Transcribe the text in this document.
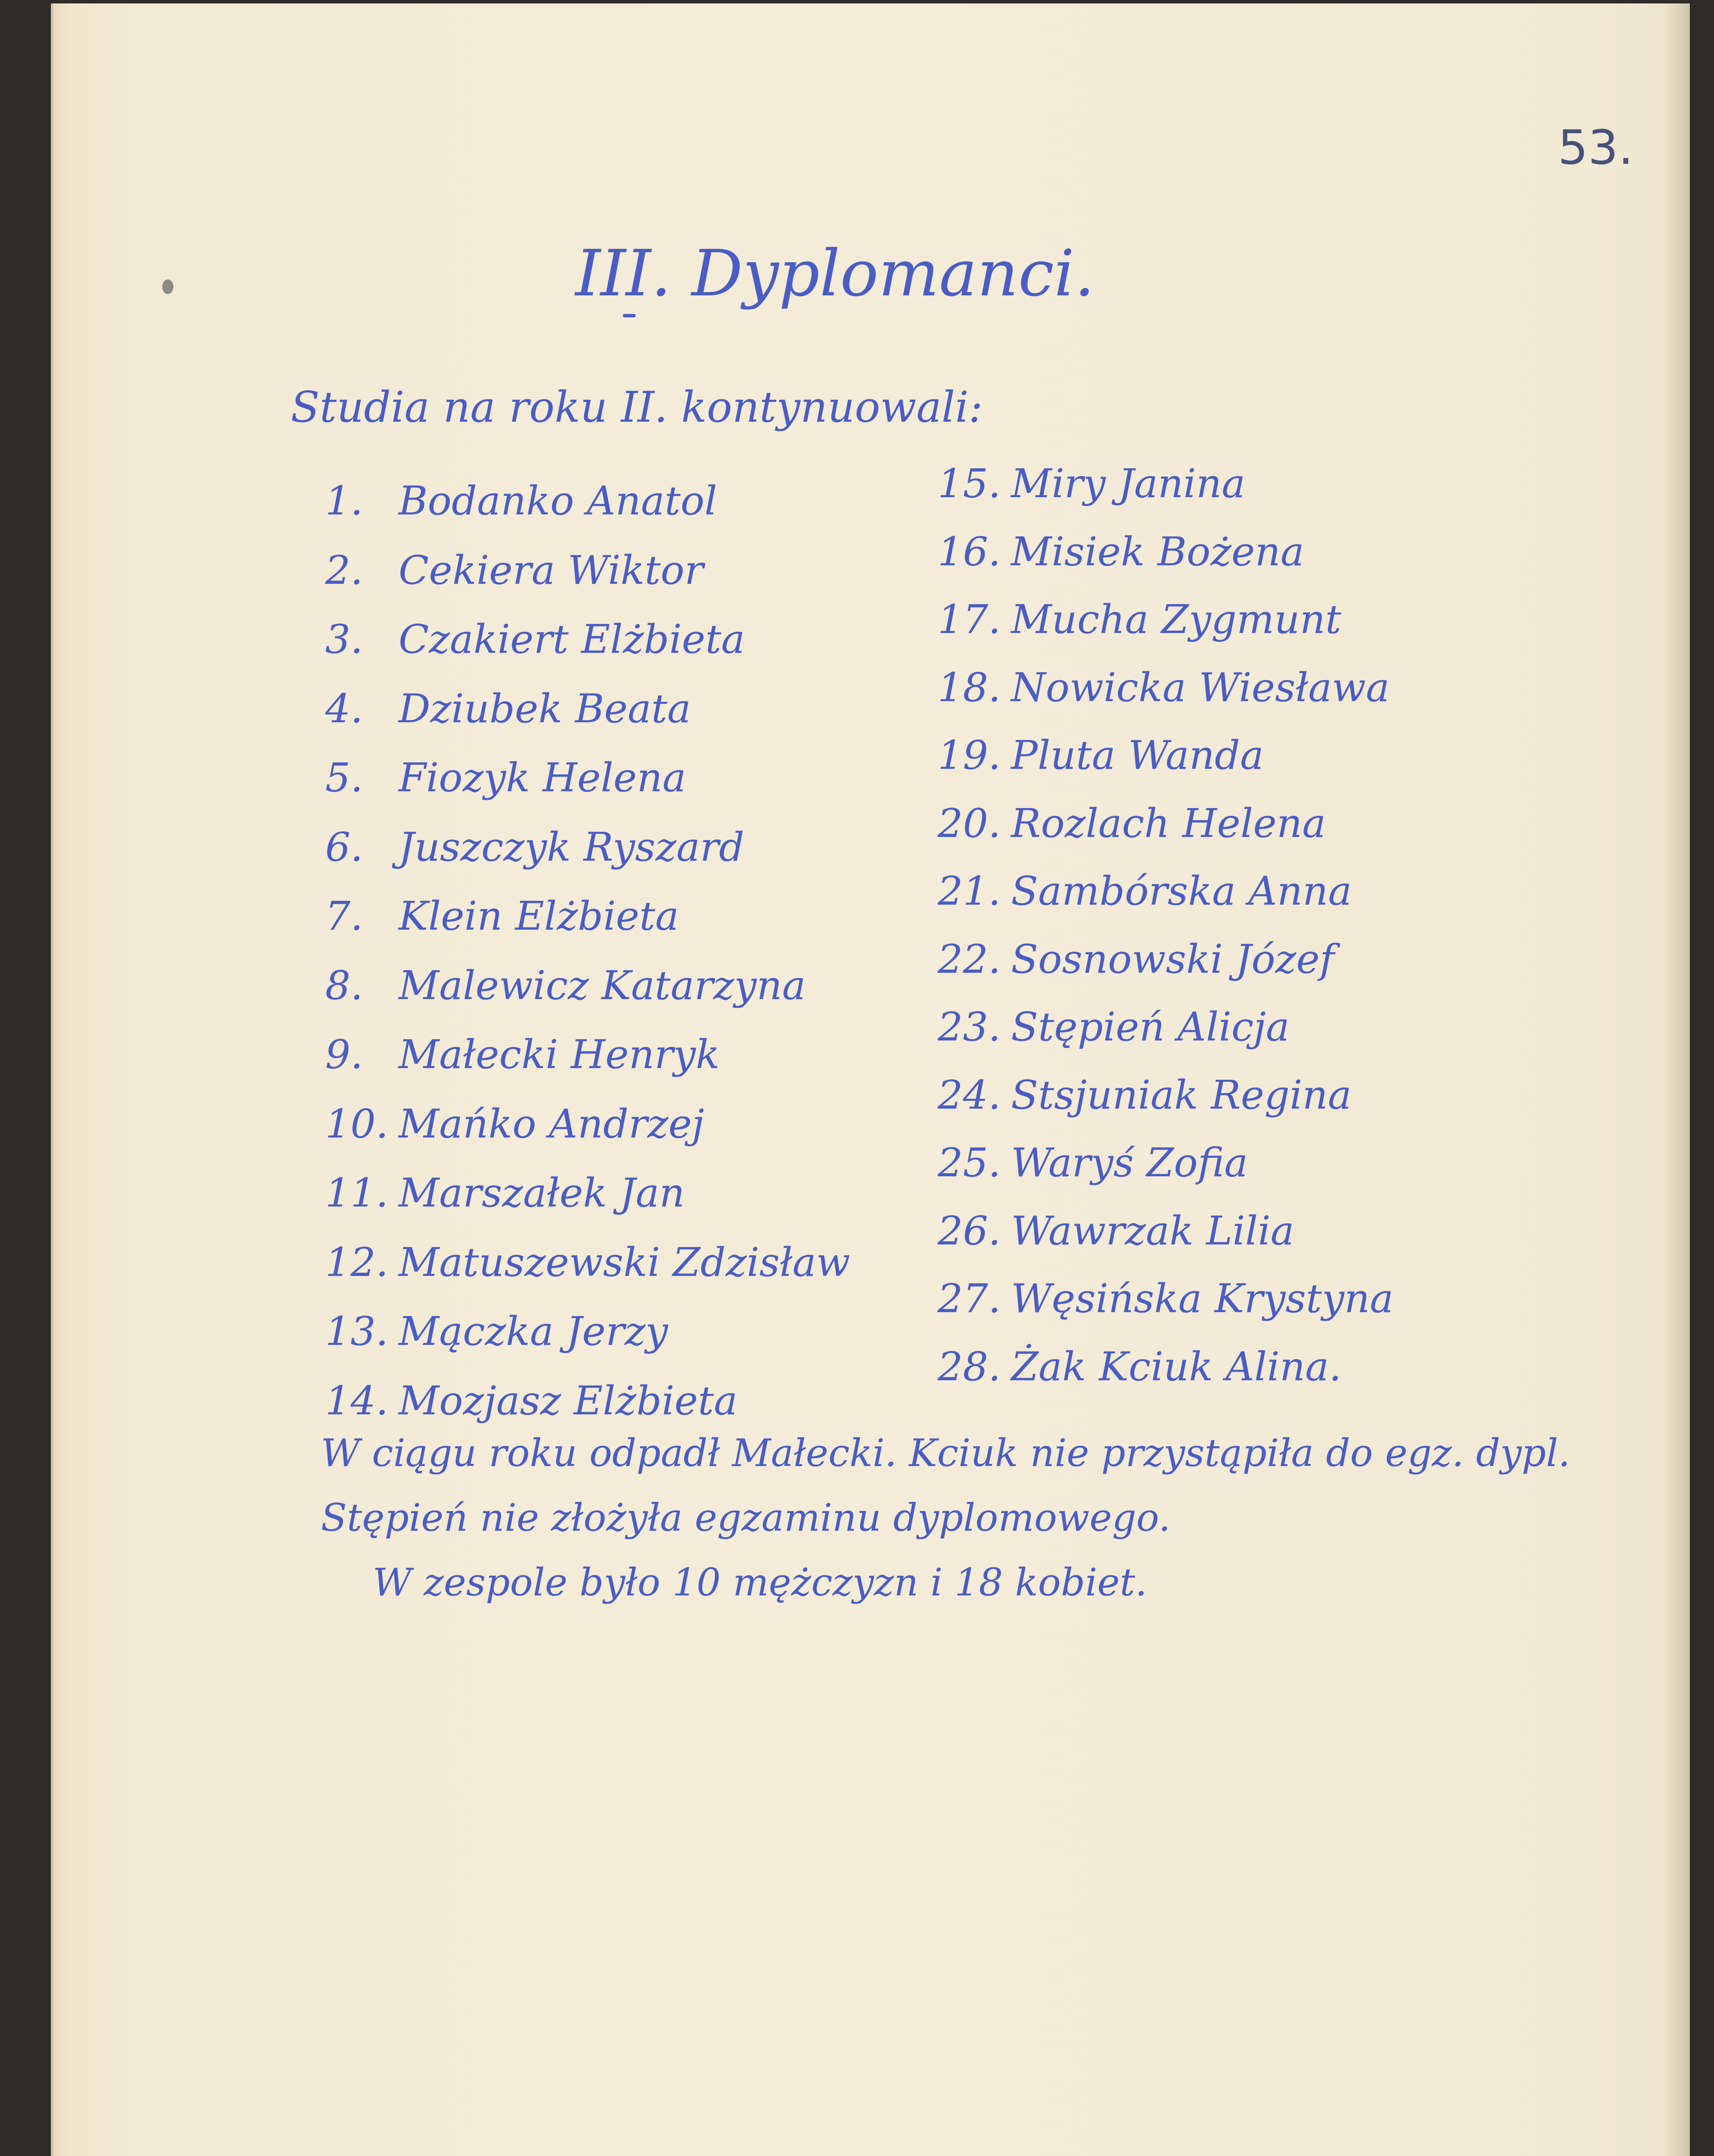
53.
III. Dyplomanci.
Studia na roku II. kontynuowali:
1. Bodanko Anatol
2. Cekiera Wiktor
3. Czakiert Elżbieta
4. Dziubek Beata
5. Fiozyk Helena
6. Juszczyk Ryszard
7. Klein Elżbieta
8. Malewicz Katarzyna
9. Małecki Henryk
10. Mańko Andrzej
11. Marszałek Jan
12. Matuszewski Zdzisław
13. Mączka Jerzy
14. Mozjasz Elżbieta
15. Miry Janina
16. Misiek Bożena
17. Mucha Zygmunt
18. Nowicka Wiesława
19. Pluta Wanda
20. Rozlach Helena
21. Sambórska Anna
22. Sosnowski Józef
23. Stępień Alicja
24. Stsjuniak Regina
25. Waryś Zofia
26. Wawrzak Lilia
27. Węsińska Krystyna
28. Żak Kciuk Alina.
W ciągu roku odpadł Małecki. Kciuk nie przystąpiła do egz. dypl.
Stępień nie złożyła egzaminu dyplomowego.
W zespole było 10 mężczyzn i 18 kobiet.
